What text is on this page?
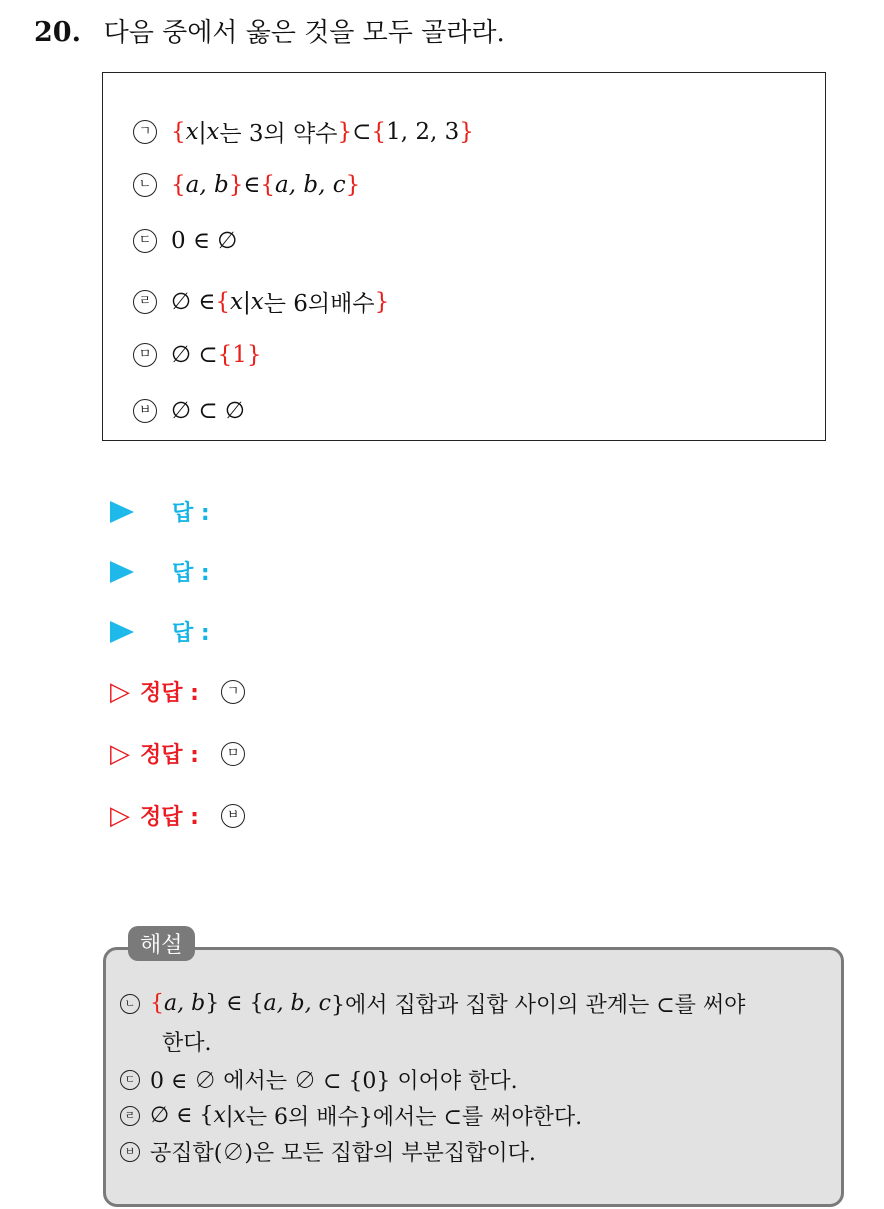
20. 다음 중에서 옳은 것을 모두 골라라.
ㄱ { x | x 는 3의 약수 } ⊂ { 1, 2, 3 }
ㄴ { a, b } ∈ { a, b, c }
ㄷ 0 ∈ ∅
ㄹ ∅ ∈ { x | x 는 6의배수 }
ㅁ ∅ ⊂ { 1 }
ㅂ ∅ ⊂ ∅
답 :
답 :
답 :
▷ 정답 :	ㄱ
▷ 정답 :	ㅁ
▷ 정답 :	ㅂ
ㄴ { a, b } ∈ { a, b, c }에서 집합과 집합 사이의 관계는 ⊂를 써야
한다.
ㄷ 0 ∈ ∅ 에서는 ∅ ⊂ {0} 이어야 한다.
ㄹ ∅ ∈ { x | x 는 6의 배수}에서는 ⊂를 써야한다.
ㅂ 공집합(∅)은 모든 집합의 부분집합이다.
해설
